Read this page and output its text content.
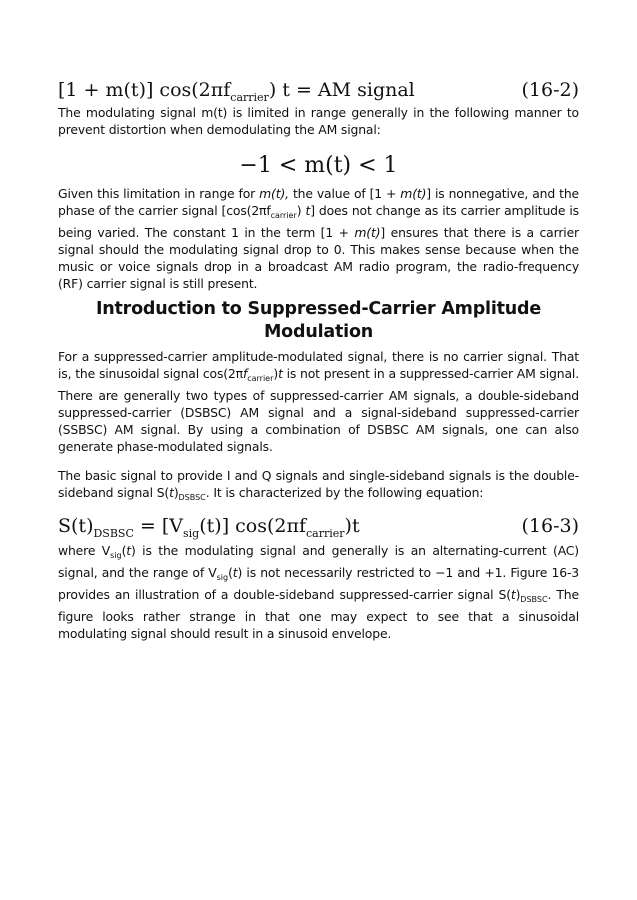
[1 + m(t)] $\cos(2\pi f_{carrier}) t$ = AM signal	(16-2)

The modulating signal m(t) is limited in range generally in the following manner to prevent distortion when demodulating the AM signal:

−1 < m(t) < 1

Given this limitation in range for m(t), the value of [1 + m(t)] is nonnegative, and the phase of the carrier signal [$\cos(2\pi f_{carrier})$ t] does not change as its carrier amplitude is being varied. The constant 1 in the term [1 + m(t)] ensures that there is a carrier signal should the modulating signal drop to 0. This makes sense because when the music or voice signals drop in a broadcast AM radio program, the radio-frequency (RF) carrier signal is still present.

Introduction to Suppressed-Carrier Amplitude Modulation

For a suppressed-carrier amplitude-modulated signal, there is no carrier signal. That is, the sinusoidal signal $\cos(2\pi f_{carrier})t$ is not present in a suppressed-carrier AM signal. There are generally two types of suppressed-carrier AM signals, a double-sideband suppressed-carrier (DSBSC) AM signal and a signal-sideband suppressed-carrier (SSBSC) AM signal. By using a combination of DSBSC AM signals, one can also generate phase-modulated signals.

The basic signal to provide I and Q signals and single-sideband signals is the double-sideband signal $S(t)_{DSBSC}$. It is characterized by the following equation:

$S(t)_{DSBSC} = [V_{sig}(t)]$ $\cos(2\pi f_{carrier})t$	(16-3)

where $V_{sig}(t)$ is the modulating signal and generally is an alternating-current (AC) signal, and the range of $V_{sig}(t)$ is not necessarily restricted to −1 and +1. Figure 16-3 provides an illustration of a double-sideband suppressed-carrier signal $S(t)_{DSBSC}$. The figure looks rather strange in that one may expect to see that a sinusoidal modulating signal should result in a sinusoid envelope.
